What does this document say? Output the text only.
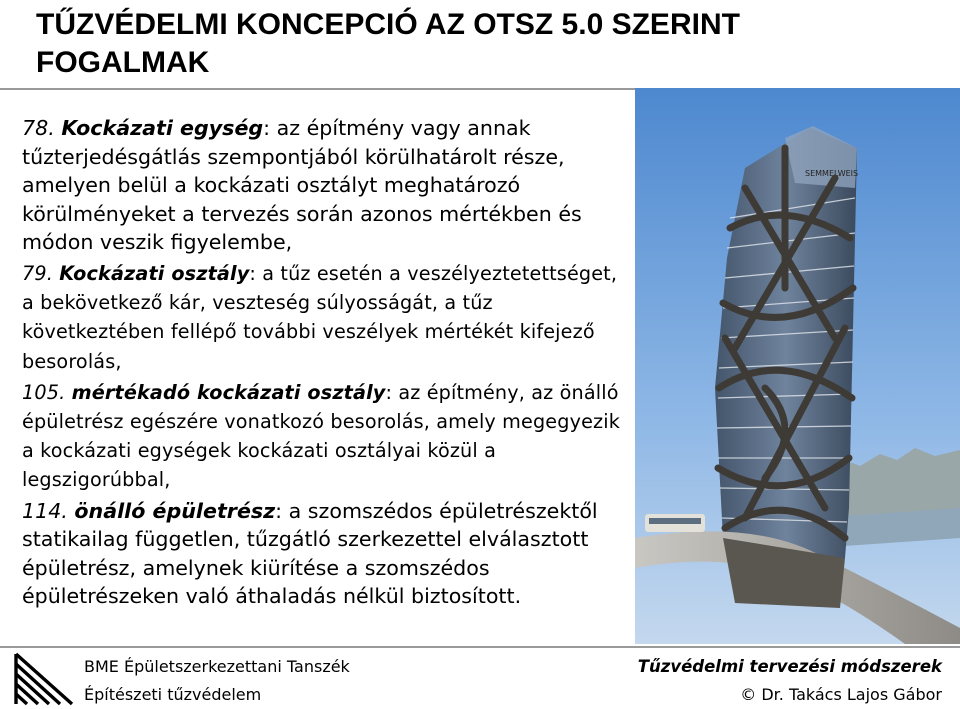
TŰZVÉDELMI KONCEPCIÓ AZ OTSZ 5.0 SZERINT
FOGALMAK

78. Kockázati egység: az építmény vagy annak tűzterjedésgátlás szempontjából körülhatárolt része, amelyen belül a kockázati osztályt meghatározó körülményeket a tervezés során azonos mértékben és módon veszik figyelembe,

79. Kockázati osztály: a tűz esetén a veszélyeztetettséget, a bekövetkező kár, veszteség súlyosságát, a tűz következtében fellépő további veszélyek mértékét kifejező besorolás,

105. mértékadó kockázati osztály: az építmény, az önálló épületrész egészére vonatkozó besorolás, amely megegyezik a kockázati egységek kockázati osztályai közül a legszigorúbbal,

114. önálló épületrész: a szomszédos épületrészektől statikailag független, tűzgátló szerkezettel elválasztott épületrész, amelynek kiürítése a szomszédos épületrészeken való áthaladás nélkül biztosított.

SEMMELWEIS
BME Épületszerkezettani Tanszék
Építészeti tűzvédelem
Tűzvédelmi tervezési módszerek
© Dr. Takács Lajos Gábor
